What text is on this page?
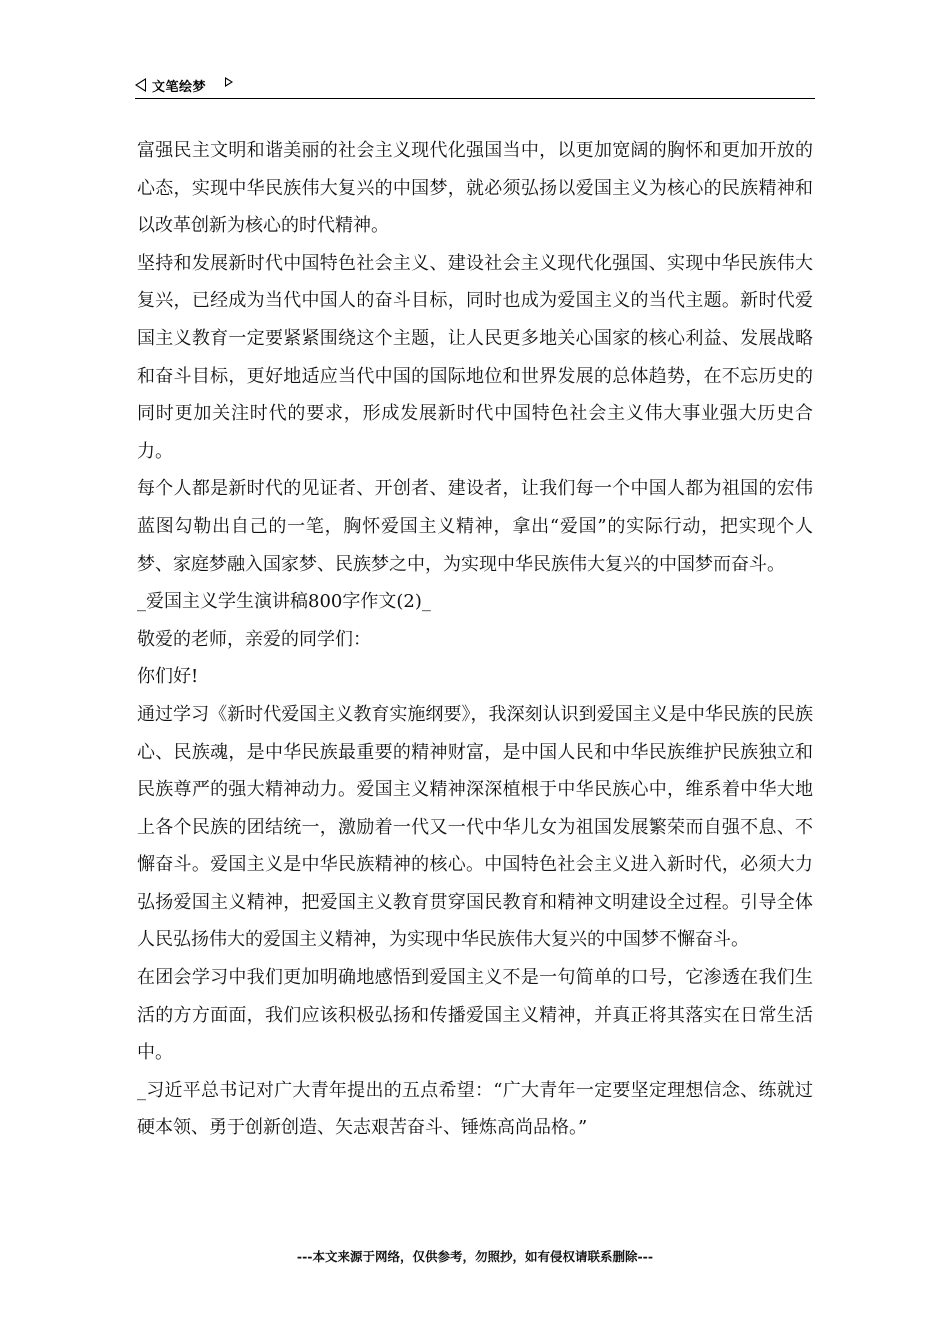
文笔绘梦

富强民主文明和谐美丽的社会主义现代化强国当中，以更加宽阔的胸怀和更加开放的心态，实现中华民族伟大复兴的中国梦，就必须弘扬以爱国主义为核心的民族精神和以改革创新为核心的时代精神。

坚持和发展新时代中国特色社会主义、建设社会主义现代化强国、实现中华民族伟大复兴，已经成为当代中国人的奋斗目标，同时也成为爱国主义的当代主题。新时代爱国主义教育一定要紧紧围绕这个主题，让人民更多地关心国家的核心利益、发展战略和奋斗目标，更好地适应当代中国的国际地位和世界发展的总体趋势，在不忘历史的同时更加关注时代的要求，形成发展新时代中国特色社会主义伟大事业强大历史合力。

每个人都是新时代的见证者、开创者、建设者，让我们每一个中国人都为祖国的宏伟蓝图勾勒出自己的一笔，胸怀爱国主义精神，拿出“爱国”的实际行动，把实现个人梦、家庭梦融入国家梦、民族梦之中，为实现中华民族伟大复兴的中国梦而奋斗。

_爱国主义学生演讲稿800字作文(2)_

敬爱的老师，亲爱的同学们：

你们好!

通过学习《新时代爱国主义教育实施纲要》，我深刻认识到爱国主义是中华民族的民族心、民族魂，是中华民族最重要的精神财富，是中国人民和中华民族维护民族独立和民族尊严的强大精神动力。爱国主义精神深深植根于中华民族心中，维系着中华大地上各个民族的团结统一，激励着一代又一代中华儿女为祖国发展繁荣而自强不息、不懈奋斗。爱国主义是中华民族精神的核心。中国特色社会主义进入新时代，必须大力弘扬爱国主义精神，把爱国主义教育贯穿国民教育和精神文明建设全过程。引导全体人民弘扬伟大的爱国主义精神，为实现中华民族伟大复兴的中国梦不懈奋斗。

在团会学习中我们更加明确地感悟到爱国主义不是一句简单的口号，它渗透在我们生活的方方面面，我们应该积极弘扬和传播爱国主义精神，并真正将其落实在日常生活中。

_习近平总书记对广大青年提出的五点希望：“广大青年一定要坚定理想信念、练就过硬本领、勇于创新创造、矢志艰苦奋斗、锤炼高尚品格。”

---本文来源于网络，仅供参考，勿照抄，如有侵权请联系删除---
